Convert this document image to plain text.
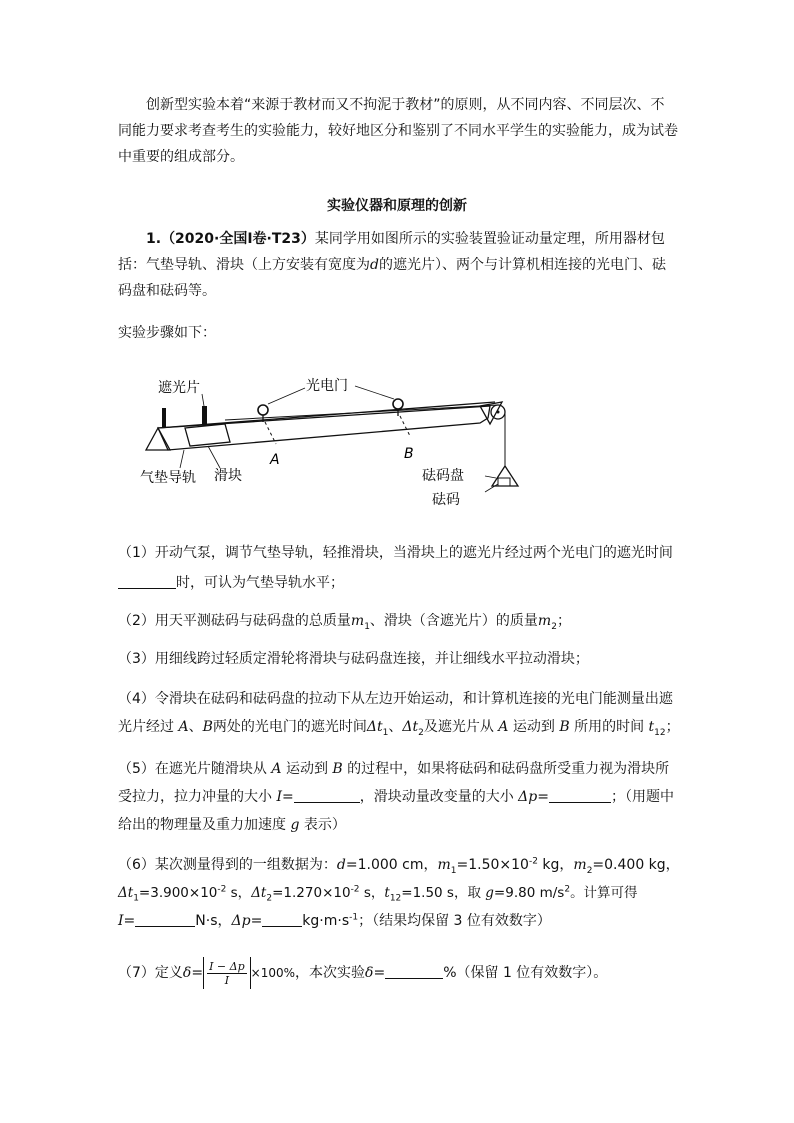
创新型实验本着“来源于教材而又不拘泥于教材”的原则，从不同内容、不同层次、不同能力要求考查考生的实验能力，较好地区分和鉴别了不同水平学生的实验能力，成为试卷中重要的组成部分。
实验仪器和原理的创新
1.（2020·全国Ⅰ卷·T23）某同学用如图所示的实验装置验证动量定理，所用器材包括：气垫导轨、滑块（上方安装有宽度为d的遮光片）、两个与计算机相连接的光电门、砝码盘和砝码等。
实验步骤如下：
遮光片	光电门
气垫导轨 滑块
A	B
砝码盘
砝码
（1）开动气泵，调节气垫导轨，轻推滑块，当滑块上的遮光片经过两个光电门的遮光时间
时，可认为气垫导轨水平；
（2）用天平测砝码与砝码盘的总质量$m_1$、滑块（含遮光片）的质量$m_2$；
（3）用细线跨过轻质定滑轮将滑块与砝码盘连接，并让细线水平拉动滑块；
（4）令滑块在砝码和砝码盘的拉动下从左边开始运动，和计算机连接的光电门能测量出遮
光片经过 A、B两处的光电门的遮光时间$\Delta t_1$、$\Delta t_2$及遮光片从 A 运动到 B 所用的时间 $t_{12}$；
（5）在遮光片随滑块从 A 运动到 B 的过程中，如果将砝码和砝码盘所受重力视为滑块所
受拉力，拉力冲量的大小 I=	，滑块动量改变量的大小 Δp=	；（用题中
给出的物理量及重力加速度 g 表示）
（6）某次测量得到的一组数据为：d=1.000 cm，$m_1=1.50\times 10^{-2}$ kg，$m_2=0.400$ kg，
$\Delta t_1=3.900\times 10^{-2}$ s，$\Delta t_2=1.270\times 10^{-2}$ s，$t_{12}=1.50$ s，取 g=9.80 $m/s^2$。计算可得
I=	N·s，Δp=	$kg\cdot m\cdot s^{-1}$；（结果均保留 3 位有效数字）
（7）定义$\delta= \frac{I - \Delta p}{I} \times 100\%$，本次实验δ=	%（保留 1 位有效数字）。
